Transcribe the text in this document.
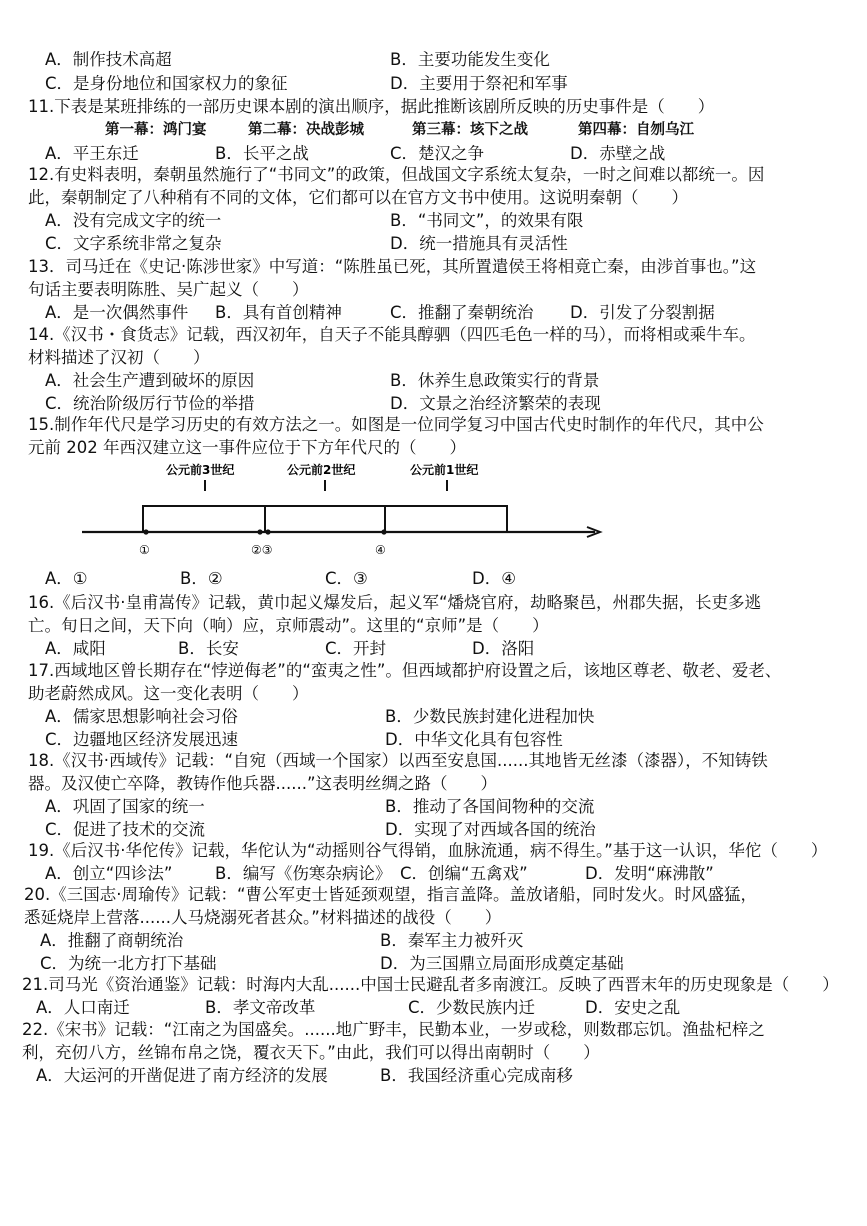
A．制作技术高超	B．主要功能发生变化
C．是身份地位和国家权力的象征	D．主要用于祭祀和军事
11.下表是某班排练的一部历史课本剧的演出顺序，据此推断该剧所反映的历史事件是（　　）
第一幕：鸿门宴	第二幕：决战彭城	第三幕：垓下之战	第四幕：自刎乌江
A．平王东迁	B．长平之战	C．楚汉之争	D．赤壁之战
12.有史料表明，秦朝虽然施行了“书同文”的政策，但战国文字系统太复杂，一时之间难以都统一。因
此，秦朝制定了八种稍有不同的文体，它们都可以在官方文书中使用。这说明秦朝（　　）
A．没有完成文字的统一	B．“书同文”，的效果有限
C．文字系统非常之复杂	D．统一措施具有灵活性
13．司马迁在《史记·陈涉世家》中写道：“陈胜虽已死，其所置遣侯王将相竟亡秦，由涉首事也。”这
句话主要表明陈胜、吴广起义（　　）
A．是一次偶然事件 B．具有首创精神	C．推翻了秦朝统治 D．引发了分裂割据
14.《汉书・食货志》记载，西汉初年，自天子不能具醇驷（四匹毛色一样的马），而将相或乘牛车。
材料描述了汉初（　　）
A．社会生产遭到破坏的原因	B．休养生息政策实行的背景
C．统治阶级厉行节俭的举措	D．文景之治经济繁荣的表现
15.制作年代尺是学习历史的有效方法之一。如图是一位同学复习中国古代史时制作的年代尺，其中公
元前 202 年西汉建立这一事件应位于下方年代尺的（　　）
公元前3世纪	公元前2世纪	公元前1世纪
①	②③	④
A．①	B．②	C．③	D．④
16.《后汉书·皇甫嵩传》记载，黄巾起义爆发后，起义军“燔烧官府，劫略聚邑，州郡失据，长吏多逃
亡。旬日之间，天下向（响）应，京师震动”。这里的“京师”是（　　）
A．咸阳	B．长安	C．开封	D．洛阳
17.西域地区曾长期存在“悖逆侮老”的“蛮夷之性”。但西域都护府设置之后，该地区尊老、敬老、爱老、
助老蔚然成风。这一变化表明（　　）
A．儒家思想影响社会习俗	B．少数民族封建化进程加快
C．边疆地区经济发展迅速	D．中华文化具有包容性
18.《汉书·西域传》记载：“自宛（西域一个国家）以西至安息国......其地皆无丝漆（漆器），不知铸铁
器。及汉使亡卒降，教铸作他兵器......”这表明丝绸之路（　　）
A．巩固了国家的统一	B．推动了各国间物种的交流
C．促进了技术的交流	D．实现了对西域各国的统治
19.《后汉书·华佗传》记载，华佗认为“动摇则谷气得销，血脉流通，病不得生。”基于这一认识，华佗（　　）
A．创立“四诊法”	B．编写《伤寒杂病论》 C．创编“五禽戏”	D．发明“麻沸散”
20.《三国志·周瑜传》记载：“曹公军吏士皆延颈观望，指言盖降。盖放诸船，同时发火。时风盛猛，
悉延烧岸上营落......人马烧溺死者甚众。”材料描述的战役（　　）
A．推翻了商朝统治	B．秦军主力被歼灭
C．为统一北方打下基础	D．为三国鼎立局面形成奠定基础
21.司马光《资治通鉴》记载：时海内大乱......中国士民避乱者多南渡江。反映了西晋末年的历史现象是（　　）
A．人口南迁	B．孝文帝改革	C．少数民族内迁	D．安史之乱
22.《宋书》记载：“江南之为国盛矣。......地广野丰，民勤本业，一岁或稔，则数郡忘饥。渔盐杞梓之
利，充仞八方，丝锦布帛之饶，覆衣天下。”由此，我们可以得出南朝时（　　）
A．大运河的开凿促进了南方经济的发展	B．我国经济重心完成南移
